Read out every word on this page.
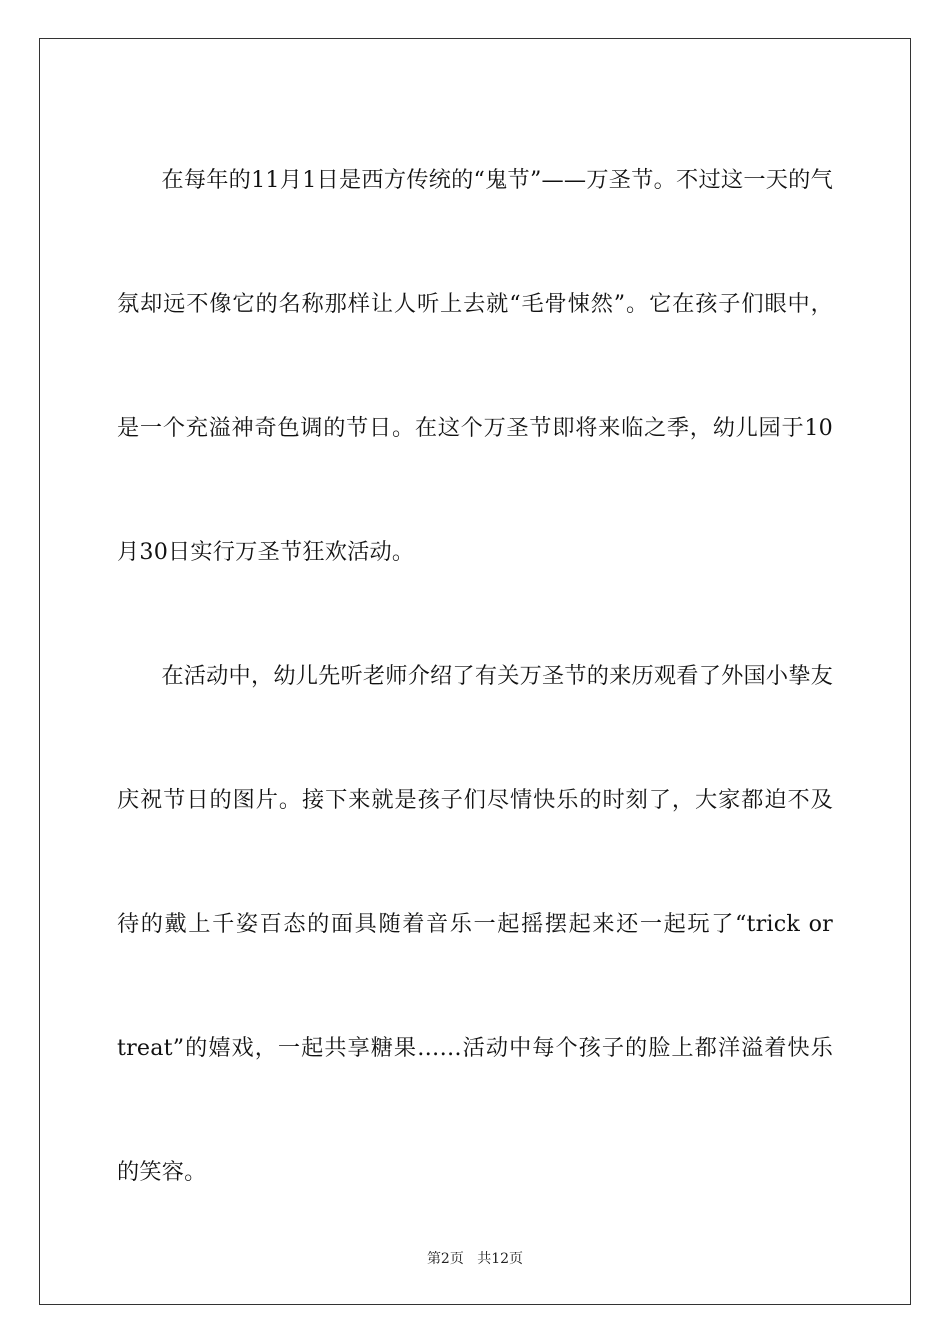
在每年的11月1日是西方传统的“鬼节”——万圣节。不过这一天的气氛却远不像它的名称那样让人听上去就“毛骨悚然”。它在孩子们眼中，是一个充溢神奇色调的节日。在这个万圣节即将来临之季，幼儿园于10月30日实行万圣节狂欢活动。

在活动中，幼儿先听老师介绍了有关万圣节的来历观看了外国小挚友庆祝节日的图片。接下来就是孩子们尽情快乐的时刻了，大家都迫不及待的戴上千姿百态的面具随着音乐一起摇摆起来还一起玩了“trick or treat”的嬉戏，一起共享糖果……活动中每个孩子的脸上都洋溢着快乐的笑容。

第2页 共12页
